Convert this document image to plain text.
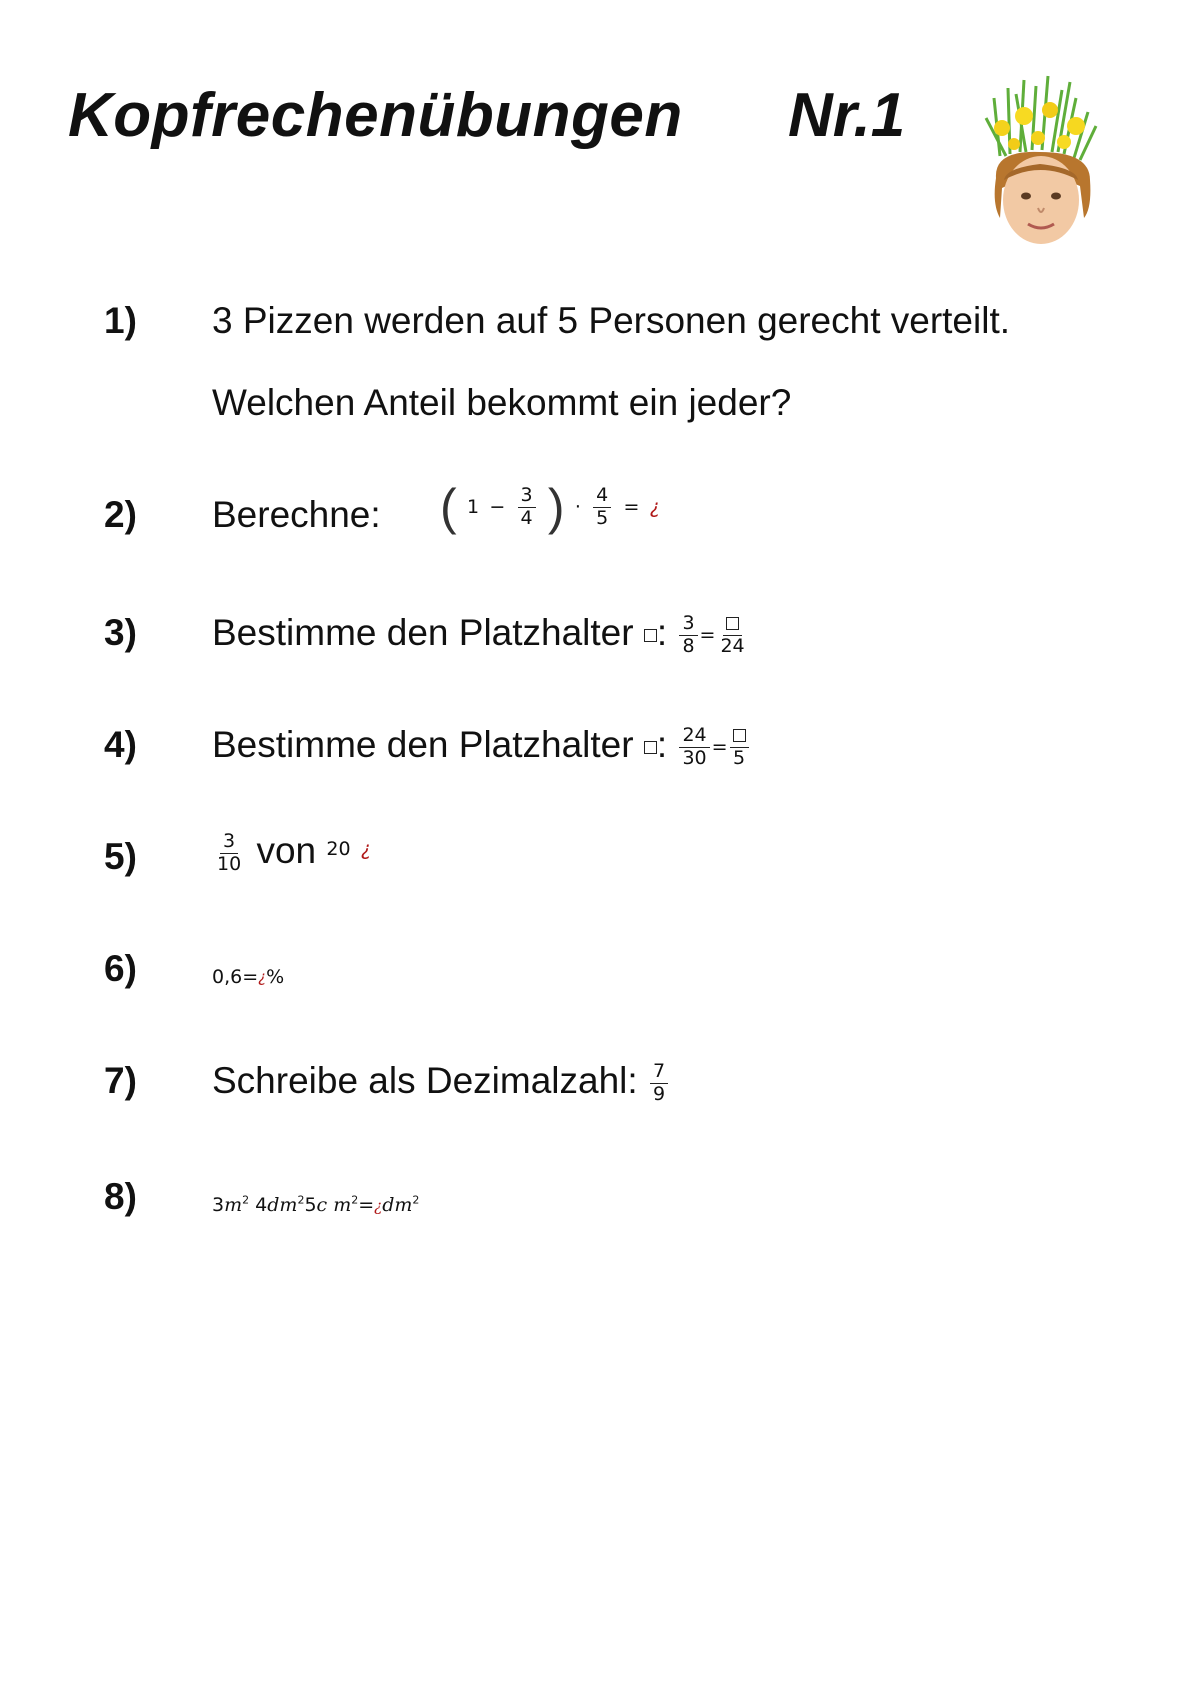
Kopfrechenübungen Nr.1
1) 3 Pizzen werden auf 5 Personen gerecht verteilt.
Welchen Anteil bekommt ein jeder?
2) Berechne: ( $1 - \frac{3}{4}$ ) · $\frac{4}{5}$ = ¿
3) Bestimme den Platzhalter : $\frac{3}{8} = 24$
4) Bestimme den Platzhalter : $\frac{24}{30} = 5$
5)	$\frac{3}{10}$ von $^{20}$ ¿
6)	0,6=¿%
7) Schreibe als Dezimalzahl: $\frac{7}{9}$
8)	$3m^2$ $4dm^25c$ $m^2=¿dm^2$
